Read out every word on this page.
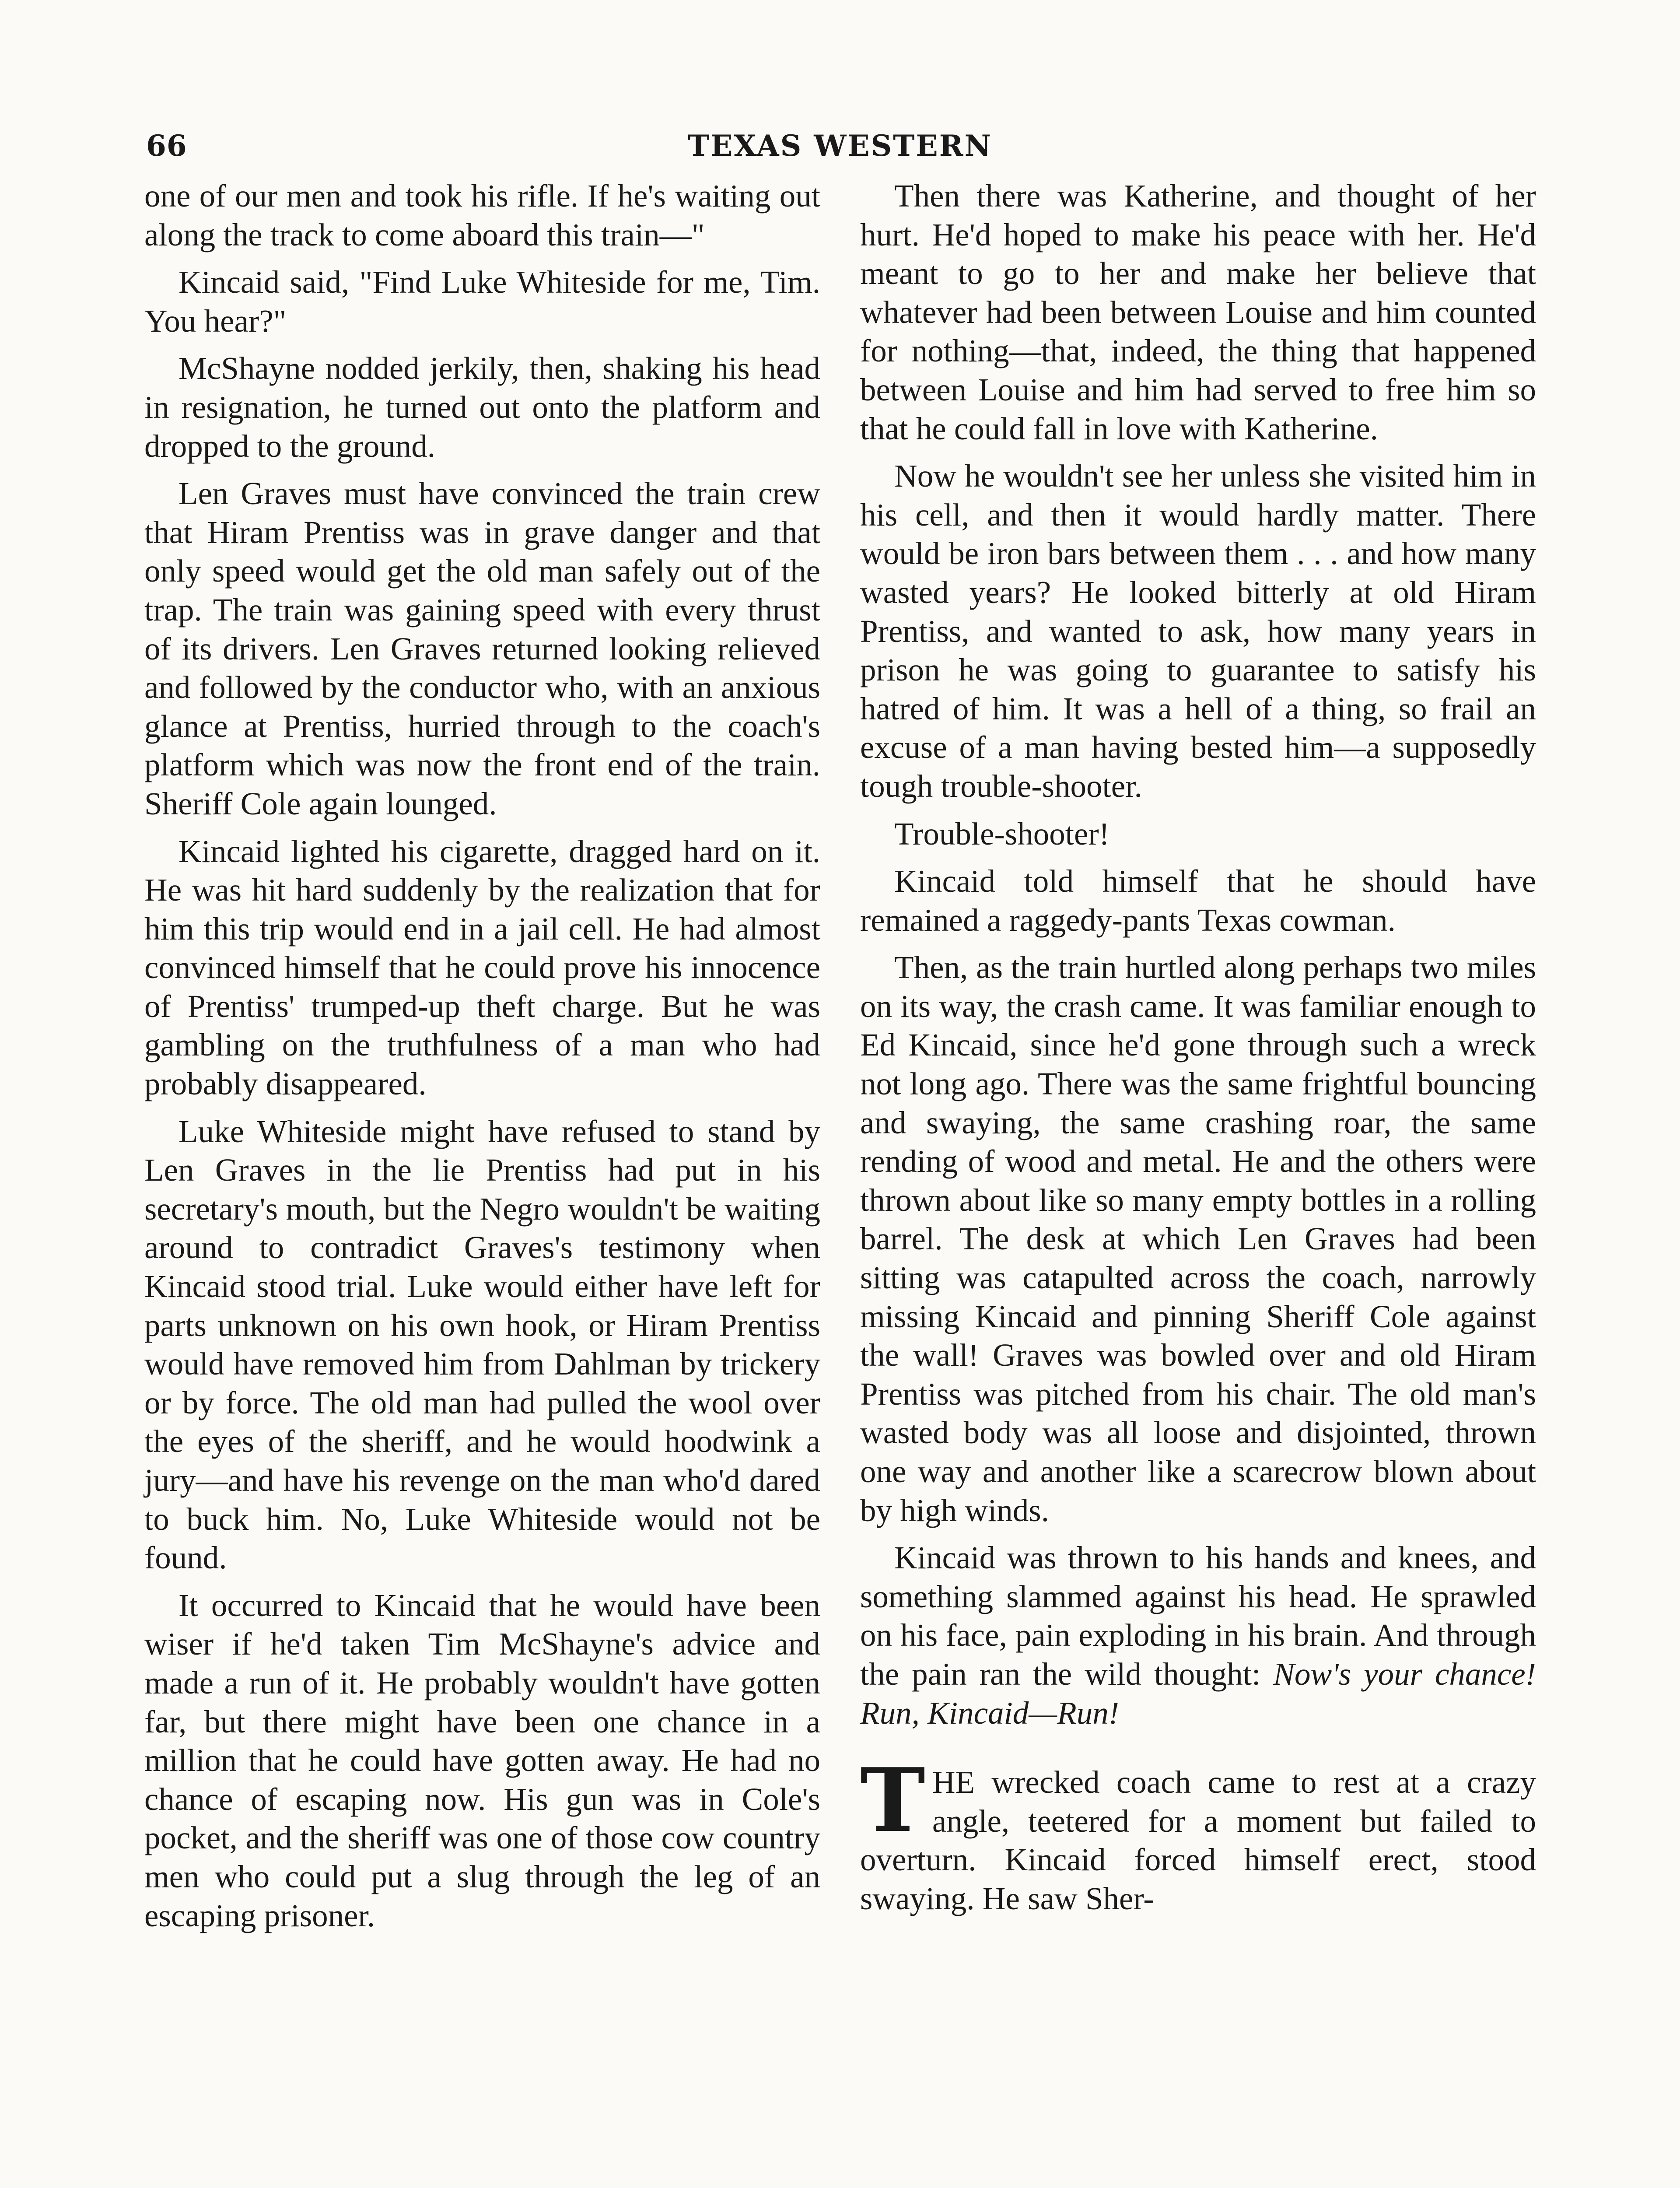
66	TEXAS WESTERN

one of our men and took his rifle. If he's waiting out along the track to come aboard this train—"

Kincaid said, "Find Luke Whiteside for me, Tim. You hear?"

McShayne nodded jerkily, then, shaking his head in resignation, he turned out onto the platform and dropped to the ground.

Len Graves must have convinced the train crew that Hiram Prentiss was in grave danger and that only speed would get the old man safely out of the trap. The train was gaining speed with every thrust of its drivers. Len Graves returned looking relieved and followed by the conductor who, with an anxious glance at Prentiss, hurried through to the coach's platform which was now the front end of the train. Sheriff Cole again lounged.

Kincaid lighted his cigarette, dragged hard on it. He was hit hard suddenly by the realization that for him this trip would end in a jail cell. He had almost convinced himself that he could prove his innocence of Prentiss' trumped-up theft charge. But he was gambling on the truthfulness of a man who had probably disappeared.

Luke Whiteside might have refused to stand by Len Graves in the lie Prentiss had put in his secretary's mouth, but the Negro wouldn't be waiting around to contradict Graves's testimony when Kincaid stood trial. Luke would either have left for parts unknown on his own hook, or Hiram Prentiss would have removed him from Dahlman by trickery or by force. The old man had pulled the wool over the eyes of the sheriff, and he would hoodwink a jury—and have his revenge on the man who'd dared to buck him. No, Luke Whiteside would not be found.

It occurred to Kincaid that he would have been wiser if he'd taken Tim McShayne's advice and made a run of it. He probably wouldn't have gotten far, but there might have been one chance in a million that he could have gotten away. He had no chance of escaping now. His gun was in Cole's pocket, and the sheriff was one of those cow country men who could put a slug through the leg of an escaping prisoner.

Then there was Katherine, and thought of her hurt. He'd hoped to make his peace with her. He'd meant to go to her and make her believe that whatever had been between Louise and him counted for nothing—that, indeed, the thing that happened between Louise and him had served to free him so that he could fall in love with Katherine.

Now he wouldn't see her unless she visited him in his cell, and then it would hardly matter. There would be iron bars between them . . . and how many wasted years? He looked bitterly at old Hiram Prentiss, and wanted to ask, how many years in prison he was going to guarantee to satisfy his hatred of him. It was a hell of a thing, so frail an excuse of a man having bested him—a supposedly tough trouble-shooter.

Trouble-shooter!

Kincaid told himself that he should have remained a raggedy-pants Texas cowman.

Then, as the train hurtled along perhaps two miles on its way, the crash came. It was familiar enough to Ed Kincaid, since he'd gone through such a wreck not long ago. There was the same frightful bouncing and swaying, the same crashing roar, the same rending of wood and metal. He and the others were thrown about like so many empty bottles in a rolling barrel. The desk at which Len Graves had been sitting was catapulted across the coach, narrowly missing Kincaid and pinning Sheriff Cole against the wall! Graves was bowled over and old Hiram Prentiss was pitched from his chair. The old man's wasted body was all loose and disjointed, thrown one way and another like a scarecrow blown about by high winds.

Kincaid was thrown to his hands and knees, and something slammed against his head. He sprawled on his face, pain exploding in his brain. And through the pain ran the wild thought: Now's your chance! Run, Kincaid—Run!

THE wrecked coach came to rest at a crazy angle, teetered for a moment but failed to overturn. Kincaid forced himself erect, stood swaying. He saw Sher-
